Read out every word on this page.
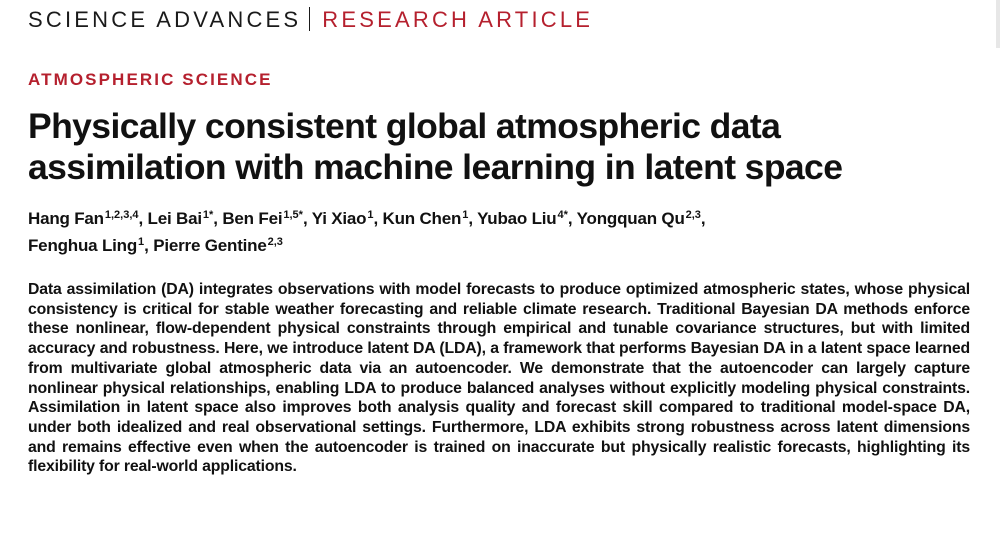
SCIENCE ADVANCES RESEARCH ARTICLE
ATMOSPHERIC SCIENCE
Physically consistent global atmospheric data assimilation with machine learning in latent space
Hang Fan$^{1,2,3,4}$, Lei Bai$^{1*}$, Ben Fei$^{1,5*}$, Yi Xiao$^1$, Kun Chen$^1$, Yubao Liu$^{4*}$, Yongquan Qu$^{2,3}$,
Fenghua Ling$^1$, Pierre Gentine$^{2,3}$

Data assimilation (DA) integrates observations with model forecasts to produce optimized atmospheric states, whose physical consistency is critical for stable weather forecasting and reliable climate research. Traditional Bayesian DA methods enforce these nonlinear, flow-dependent physical constraints through empirical and tunable covariance structures, but with limited accuracy and robustness. Here, we introduce latent DA (LDA), a framework that performs Bayesian DA in a latent space learned from multivariate global atmospheric data via an autoencoder. We demonstrate that the autoencoder can largely capture nonlinear physical relationships, enabling LDA to produce balanced analyses without explicitly modeling physical constraints. Assimilation in latent space also improves both analysis quality and forecast skill compared to traditional model-space DA, under both idealized and real observational settings. Furthermore, LDA exhibits strong robustness across latent dimensions and remains effective even when the autoencoder is trained on inaccurate but physically realistic forecasts, highlighting its flexibility for real-world applications.
